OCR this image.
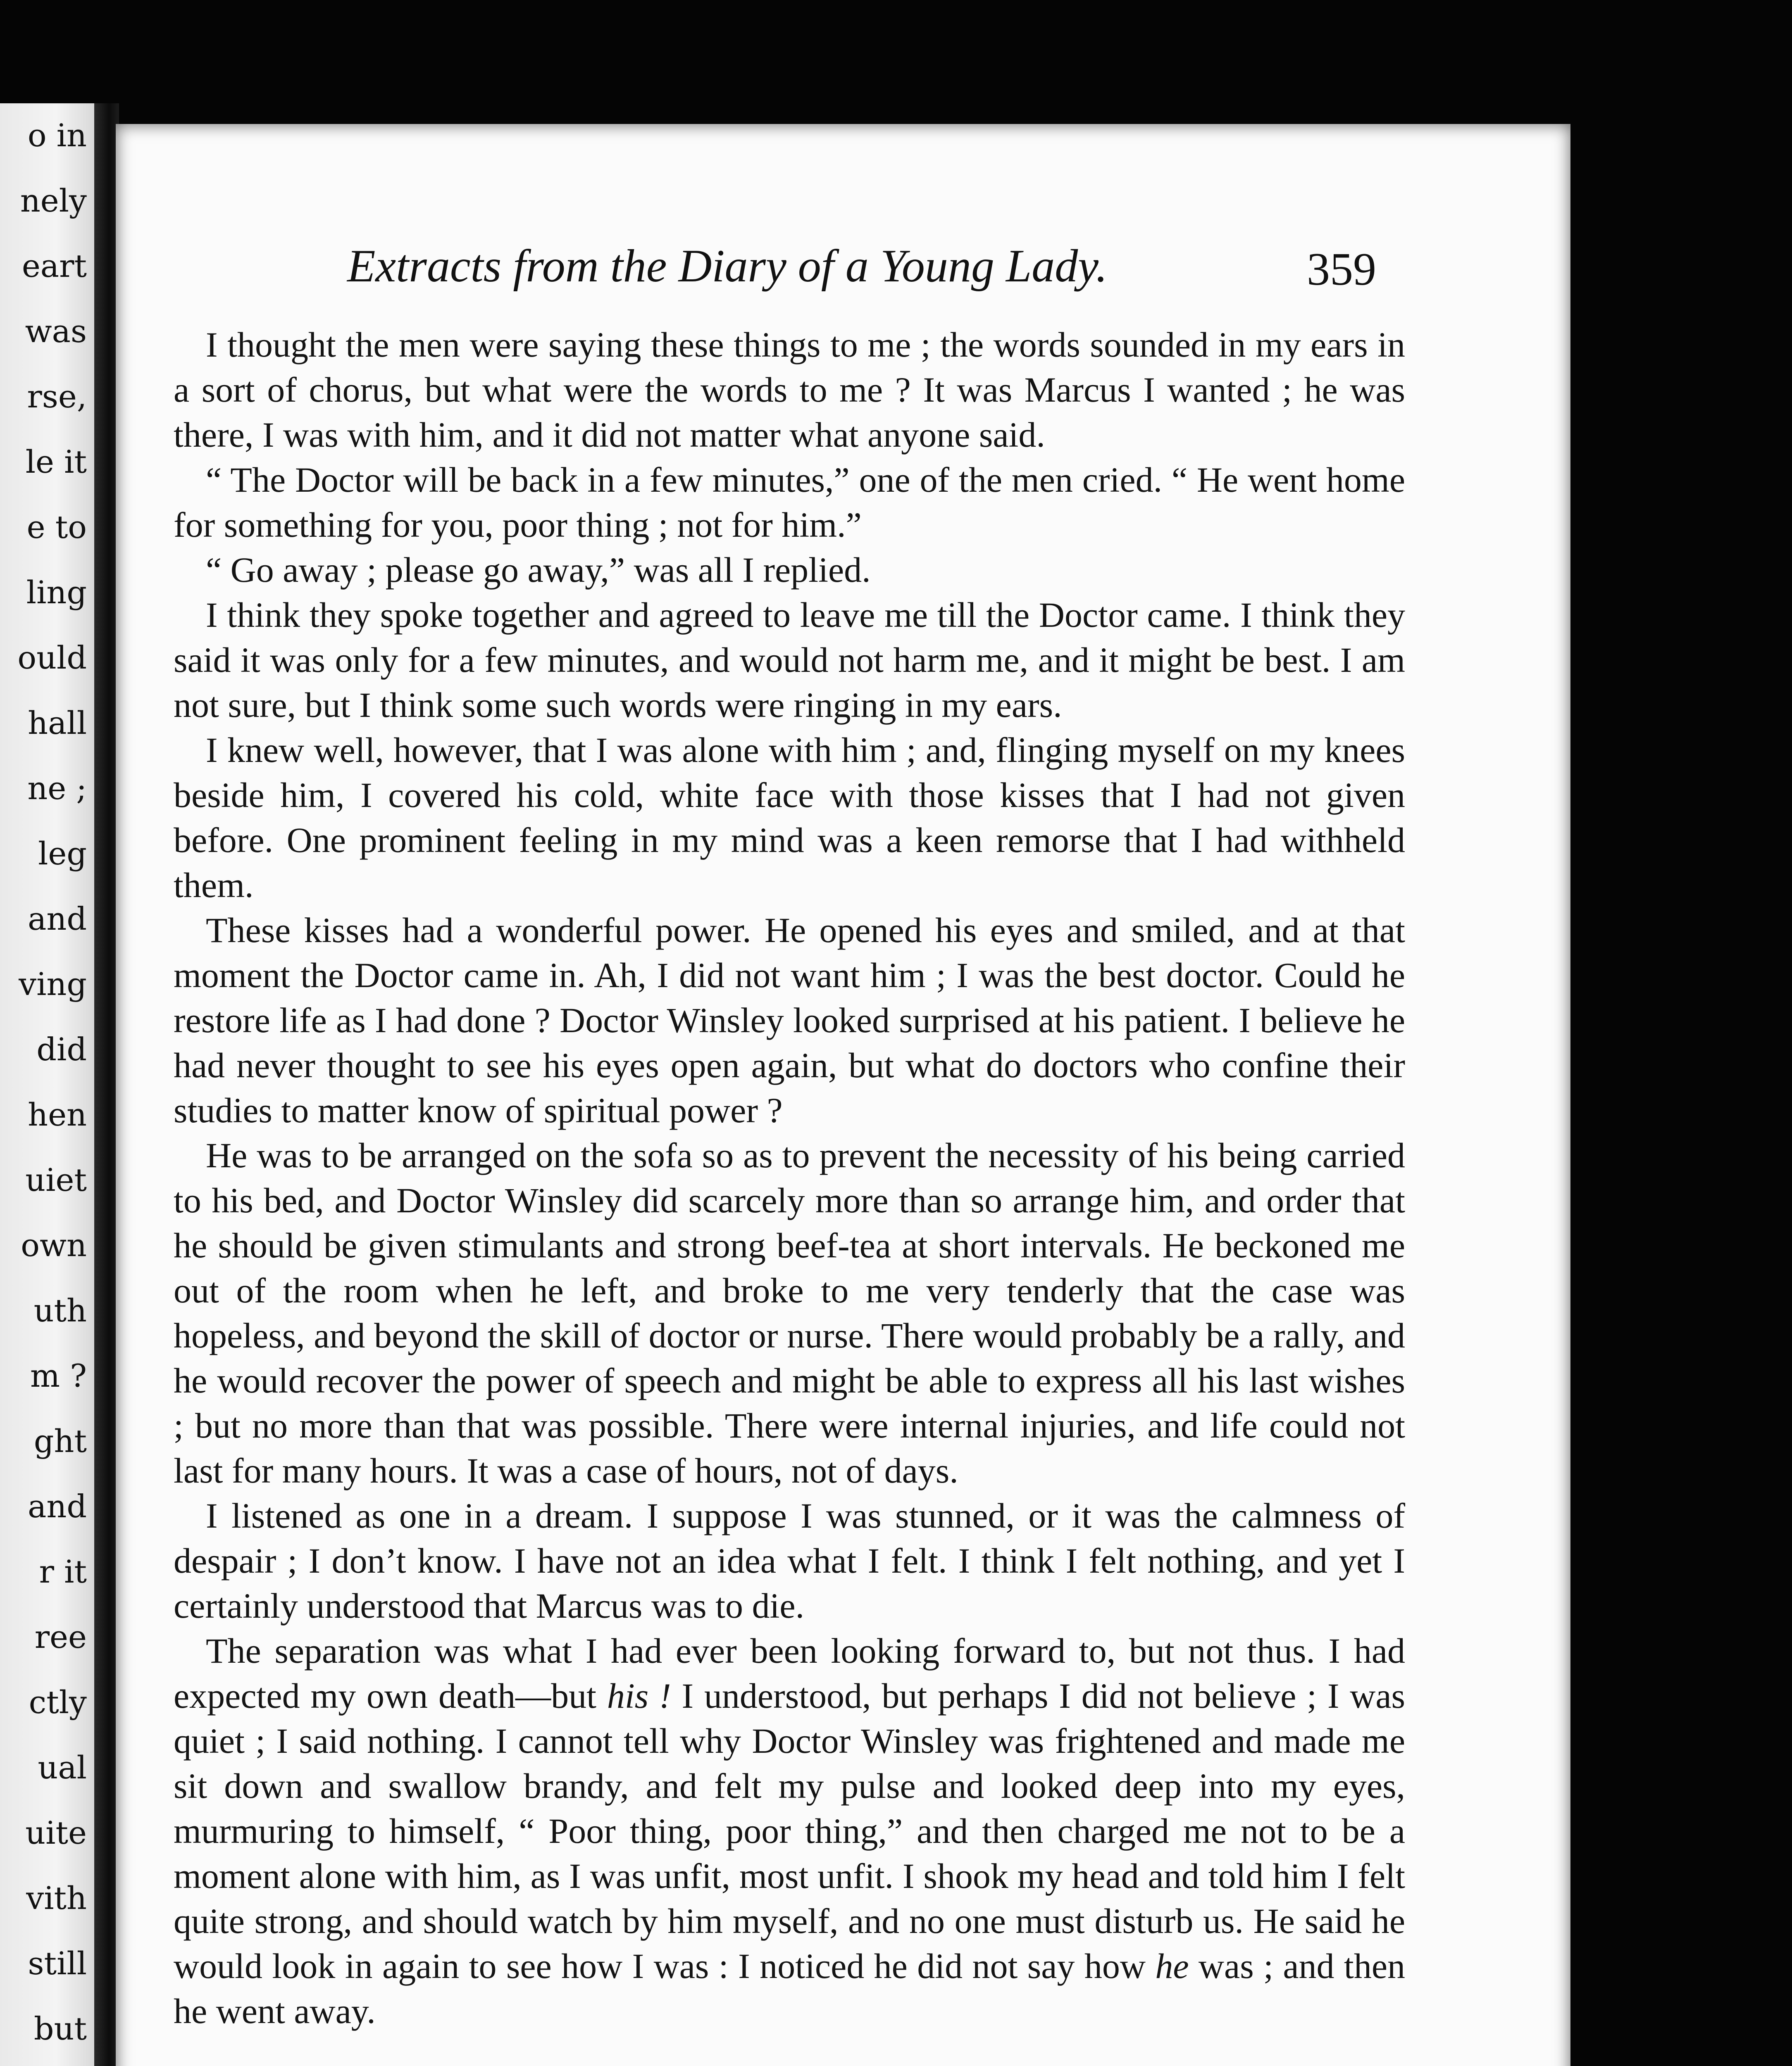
o in
nely
eart
was
rse,
le it
e to
ling
ould
hall
ne ;
leg
and
ving
did
hen
uiet
own
uth
m ?
ght
and
r it
ree
ctly
ual
uite
vith
still
but
Extracts from the Diary of a Young Lady.	359

I thought the men were saying these things to me ; the words sounded in my ears in a sort of chorus, but what were the words to me ? It was Marcus I wanted ; he was there, I was with him, and it did not matter what anyone said.

“ The Doctor will be back in a few minutes,” one of the men cried. “ He went home for something for you, poor thing ; not for him.”

“ Go away ; please go away,” was all I replied.

I think they spoke together and agreed to leave me till the Doctor came. I think they said it was only for a few minutes, and would not harm me, and it might be best. I am not sure, but I think some such words were ringing in my ears.

I knew well, however, that I was alone with him ; and, flinging myself on my knees beside him, I covered his cold, white face with those kisses that I had not given before. One prominent feeling in my mind was a keen remorse that I had withheld them.

These kisses had a wonderful power. He opened his eyes and smiled, and at that moment the Doctor came in. Ah, I did not want him ; I was the best doctor. Could he restore life as I had done ? Doctor Winsley looked surprised at his patient. I believe he had never thought to see his eyes open again, but what do doctors who confine their studies to matter know of spiritual power ?

He was to be arranged on the sofa so as to prevent the necessity of his being carried to his bed, and Doctor Winsley did scarcely more than so arrange him, and order that he should be given stimulants and strong beef-tea at short intervals. He beckoned me out of the room when he left, and broke to me very tenderly that the case was hopeless, and beyond the skill of doctor or nurse. There would probably be a rally, and he would recover the power of speech and might be able to express all his last wishes ; but no more than that was possible. There were internal injuries, and life could not last for many hours. It was a case of hours, not of days.

I listened as one in a dream. I suppose I was stunned, or it was the calmness of despair ; I don’t know. I have not an idea what I felt. I think I felt nothing, and yet I certainly understood that Marcus was to die.

The separation was what I had ever been looking forward to, but not thus. I had expected my own death—but his ! I understood, but perhaps I did not believe ; I was quiet ; I said nothing. I cannot tell why Doctor Winsley was frightened and made me sit down and swallow brandy, and felt my pulse and looked deep into my eyes, murmuring to himself, “ Poor thing, poor thing,” and then charged me not to be a moment alone with him, as I was unfit, most unfit. I shook my head and told him I felt quite strong, and should watch by him myself, and no one must disturb us. He said he would look in again to see how I was : I noticed he did not say how he was ; and then he went away.
